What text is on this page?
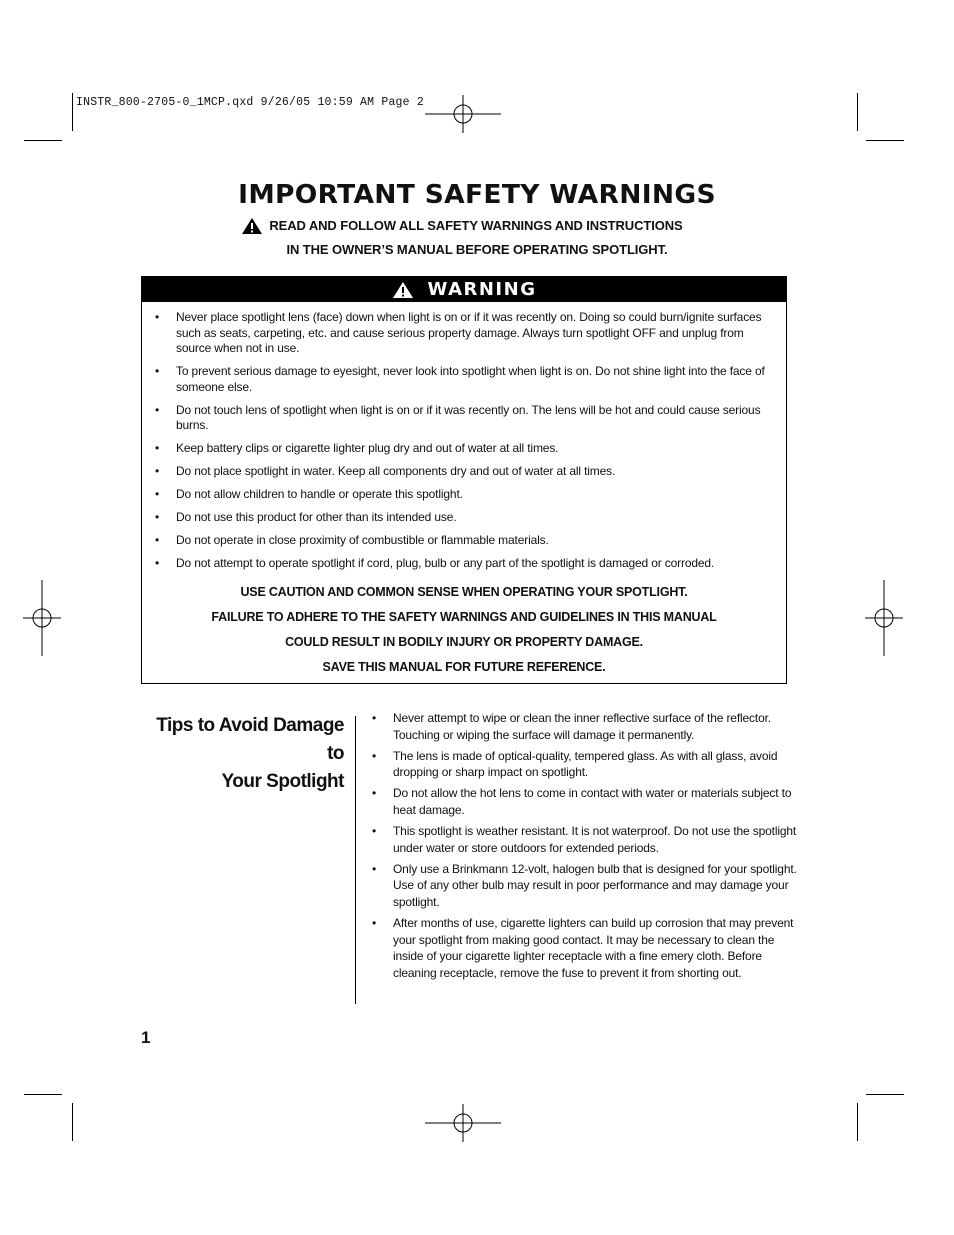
INSTR_800-2705-0_1MCP.qxd 9/26/05 10:59 AM Page 2
IMPORTANT SAFETY WARNINGS
READ AND FOLLOW ALL SAFETY WARNINGS AND INSTRUCTIONS
IN THE OWNER’S MANUAL BEFORE OPERATING SPOTLIGHT.
WARNING
• Never place spotlight lens (face) down when light is on or if it was recently on. Doing so could burn/ignite surfaces such as seats, carpeting, etc. and cause serious property damage. Always turn spotlight OFF and unplug from source when not in use.
• To prevent serious damage to eyesight, never look into spotlight when light is on. Do not shine light into the face of someone else.
• Do not touch lens of spotlight when light is on or if it was recently on. The lens will be hot and could cause serious burns.
• Keep battery clips or cigarette lighter plug dry and out of water at all times.
• Do not place spotlight in water. Keep all components dry and out of water at all times.
• Do not allow children to handle or operate this spotlight.
• Do not use this product for other than its intended use.
• Do not operate in close proximity of combustible or flammable materials.
• Do not attempt to operate spotlight if cord, plug, bulb or any part of the spotlight is damaged or corroded.
USE CAUTION AND COMMON SENSE WHEN OPERATING YOUR SPOTLIGHT.
FAILURE TO ADHERE TO THE SAFETY WARNINGS AND GUIDELINES IN THIS MANUAL
COULD RESULT IN BODILY INJURY OR PROPERTY DAMAGE.
SAVE THIS MANUAL FOR FUTURE REFERENCE.
Tips to Avoid Damage to
Your Spotlight
• Never attempt to wipe or clean the inner reflective surface of the reflector. Touching or wiping the surface will damage it permanently.
• The lens is made of optical-quality, tempered glass. As with all glass, avoid dropping or sharp impact on spotlight.
• Do not allow the hot lens to come in contact with water or materials subject to heat damage.
• This spotlight is weather resistant. It is not waterproof. Do not use the spotlight under water or store outdoors for extended periods.
• Only use a Brinkmann 12-volt, halogen bulb that is designed for your spotlight. Use of any other bulb may result in poor performance and may damage your spotlight.
• After months of use, cigarette lighters can build up corrosion that may prevent your spotlight from making good contact. It may be necessary to clean the inside of your cigarette lighter receptacle with a fine emery cloth. Before cleaning receptacle, remove the fuse to prevent it from shorting out.
1
